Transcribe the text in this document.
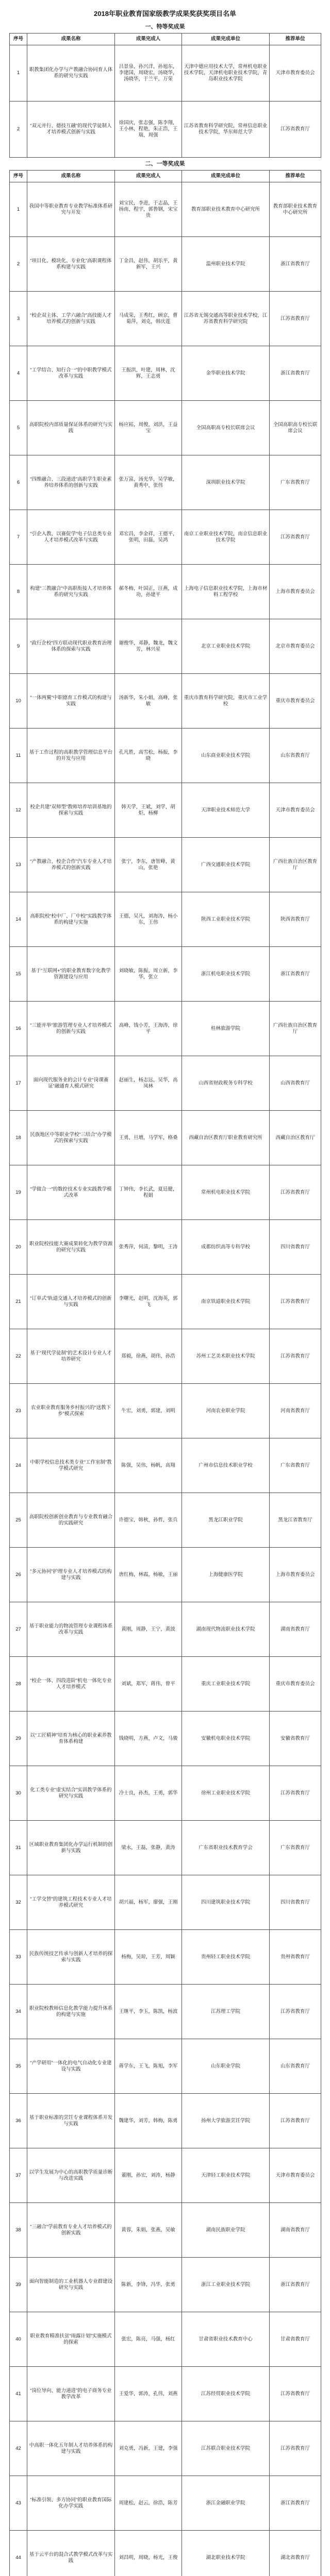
2018年职业教育国家级教学成果奖获奖项目名单
一、特等奖成果
序号	成果名称	成果完成人	成果完成单位	推荐单位
1	职教集团化办学与产教融合协同育人体系的研究与实践	吕景泉，孙兴洋，孙旭东，李建国，周晓宏，汤晓华，汤晓华，于兰平，万荣	天津中德应用技术大学，常州机电职业技术学院，天津机电职业技术学院，青岛职业技术学院	天津市教育委员会
2	“双元并行、德技互融”的现代学徒制人才培养模式创新与实践	徐国庆，张志强，陈李翔，王小林，程艳，朱正浩，王瑞，周强	江苏省教育科学研究院，常州信息职业技术学院，华东师范大学	江苏省教育厅
二、一等奖成果
序号	成果名称	成果完成人	成果完成单位	推荐单位
1	我国中等职业教育专业教学标准体系研究与开发	刘宝民，李进，于志晶，王扬南，程宇，郭鲁钢，宋宝贵	教育部职业技术教育中心研究所	教育部职业技术教育中心研究所
2	“项目化、模块化、专业化”高职课程体系构建与实践	丁金昌，赵伟，胡乐平，黄新军，王兴	温州职业技术学院	浙江省教育厅
3	“校企双主体、工学六融合”高技能人才培养模式的创新与实践	马成荣，王秀红，顾京，曹菊萍，刘克，韩庆莲	江苏省无锡交通高等职业技术学校，江苏省教育科学研究院	江苏省教育厅
4	“工学结合、知行合一”的中职教学模式改革与实践	王振洪，叶建，周林，沈辉，王志勇	金华职业技术学院	浙江省教育厅
5	高职院校内部质量保证体系的研究与实践	杨应崧，周俊，刘洪，王益宝	全国高职高专校长联席会议	全国高职高专校长联席会议
6	“四维融合、三段递进”高职学生职业素养培养体系的创新与实践	张万富，汤光华，吴学敏，黄秀中，张伟	深圳职业技术学院	广东省教育厅
7	“引企入教、以赛促学”电子信息类专业人才培养模式改革与实践	邓宏昌，李金祥，王德平，张明，田磊，吴鸿	南京工业职业技术学院，南京信息职业技术学院	江苏省教育厅
8	构建“三教融合”中高职衔接人才培养体系的研究与实践	郝冬梅，叶国正，汪燕，成功，孙建平	上海电子信息职业技术学院，上海市材料工程学校	上海市教育委员会
9	“政行企校”四方联动现代职业教育治理体系的探索与实践	谢俊华，邓静，魏龙，魏文芳，林兴星	北京工业职业技术学院	北京市教育委员会
10	“一体两翼”中职德育工作模式的构建与实践	汤新华，朱小娟，高峰，张敏	重庆市教育科学研究院，重庆市工业学校	重庆市教育委员会
11	基于工作过程的高职教学管理信息平台的开发与应用	孔凡胜，高雪松，杨振，李晓	山东商业职业技术学院	山东省教育厅
12	校企共建“双师型”教师培养培训基地的探索与实践	韩天学，王斌，刘学，胡炬，杨柳	天津职业技术师范大学	天津市教育委员会
13	“产教融合、校企合作”汽车专业人才培养模式的创新实践	张宁，李东，唐智峰，黄山，张艳	广西交通职业技术学院	广西壮族自治区教育厅
14	高职院校“校中厂、厂中校”实践教学体系的构建与实施	王德，吴凡，刘海涛，杨小东，王伟	陕西工业职业技术学院	陕西省教育厅
15	基于“互联网+”的职业教育数字化教学资源建设与应用	刘晓敏，陈振，周立新，李华，张立	浙江机电职业技术学院	浙江省教育厅
16	“三能并举”旅游管理专业人才培养模式的创新与实践	高峰，钱小芳，王海涛，徐平	桂林旅游学院	广西壮族自治区教育厅
17	面向现代服务业的会计专业“岗课赛证”融通育人模式研究	赵丽生，杨志远，吴华，高凤林	山西省财政税务专科学校	山西省教育厅
18	民族地区中等职业学校“三结合”办学模式的探索与实践	王勇，旦增，马学军，格桑	西藏自治区教育厅职业教育研究所	西藏自治区教育厅
19	“学做合一”的数控技术专业实践教学模式改革	丁钟伟，李长武，夏廷健，程娟	常州机电职业技术学院	江苏省教育厅
20	职业院校技能大赛成果转化为教学资源的研究与实践	张秀萍，何清，黎明，王涛	成都纺织高等专科学校	四川省教育厅
21	“订单式”轨道交通人才培养模式的创新与实践	李曙光，赵明，沈海英，郭飞	南京铁道职业技术学院	江苏省教育厅
22	基于“现代学徒制”的艺术设计专业人才培养研究	郑毅，徐燕，胡伟，孙浩	苏州工艺美术职业技术学院	江苏省教育厅
23	农业职业教育服务乡村振兴的“送教下乡”模式探索	牛宏，刘勇，郭建，刘明	河南农业职业学院	河南省教育厅
24	中职学校信息技术类专业“工作室制”教学模式研究	陈强，吴伟，杨帆，高翔	广州市信息技术职业学校	广东省教育厅
25	高职院校创新创业教育与专业教育融合的实践研究	许德宝，韩秋，孙哲，张兵	黑龙江职业学院	黑龙江省教育厅
26	“多元协同”护理专业人才培养模式的构建与实践	唐红梅，林霞，杨敏，王丽	上海健康医学院	上海市教育委员会
27	基于职业能力的物流管理专业课程体系改革与实践	黄刚，周静，王宁，黄波	湖南现代物流职业技术学院	湖南省教育厅
28	“校企一体、四段进阶”机电一体化专业人才培养模式	刘斌，郑军，蒋伟，曾平	重庆工业职业技术学院	重庆市教育委员会
29	以“工匠精神”培育为核心的职业素养教育体系构建	钱晓明，方燕，卢文，马骏	安徽机电职业技术学院	安徽省教育厅
30	化工类专业“虚实结合”实训教学体系的研究与实践	冷士良，孙杰，王勇，郭华	徐州工业职业技术学院	江苏省教育厅
31	区域职业教育集团化办学运行机制的创新与实践	梁永，王磊，张静，黄涛	广东省职业技术教育学会	广东省教育厅
32	“工学交替”的建筑工程技术专业人才培养模式研究	胡兴福，杨军，廖强，王刚	四川建筑职业技术学院	四川省教育厅
33	民族传统技艺传承与创新人才培养的探索与实践	杨梅，吴琼，王芳，周颖	贵州轻工职业技术学院	贵州省教育厅
34	职业院校教师信息化教学能力提升体系的构建与实施	王继平，李玉，陈凯，杨波	江苏理工学院	江苏省教育厅
35	“产学研用”一体化的电气自动化专业建设与实践	蒋学东，王飞，陈旭，李军	山东职业学院	山东省教育厅
36	基于职业标准的烹饪专业课程体系开发与实践	魏建华，刘芳，韩梅，陈勇	扬州大学旅游烹饪学院	江苏省教育厅
37	以学生发展为中心的高职教学质量诊断与改进实践	董刚，孙宏，刘涛，杨静	天津轻工职业技术学院	天津市教育委员会
38	“三融合”学前教育专业人才培养模式的创新实践	黄蓉，朱娟，张燕，吴敏	湖南民族职业学院	湖南省教育厅
39	面向智能制造的工业机器人专业群建设研究与实践	陈新，李锋，冯华，张勇	浙江工业职业技术学院	浙江省教育厅
40	职业教育精准扶贫“雨露计划”实施模式的探索	张宏，陈亮，马强，杨红	甘肃省职业技术教育中心	甘肃省教育厅
41	“岗位导向、能力递进”的电子商务专业教学改革	王爱华，郭涛，孔伟，刘燕	江苏经贸职业技术学院	江苏省教育厅
42	中高职一体化五年制人才培养体系的构建与实践	刘克勇，冯新，王建，李强	江苏联合职业技术学院	江苏省教育厅
43	“标准引领、多方协同”的职业教育国际化办学实践	周建松，赵云，徐浩，陈芳	浙江金融职业学院	浙江省教育厅
44	基于云平台的混合式教学模式改革与实践	刘昌明，周晓，杨光，王俊	湖北职业技术学院	湖北省教育厅
